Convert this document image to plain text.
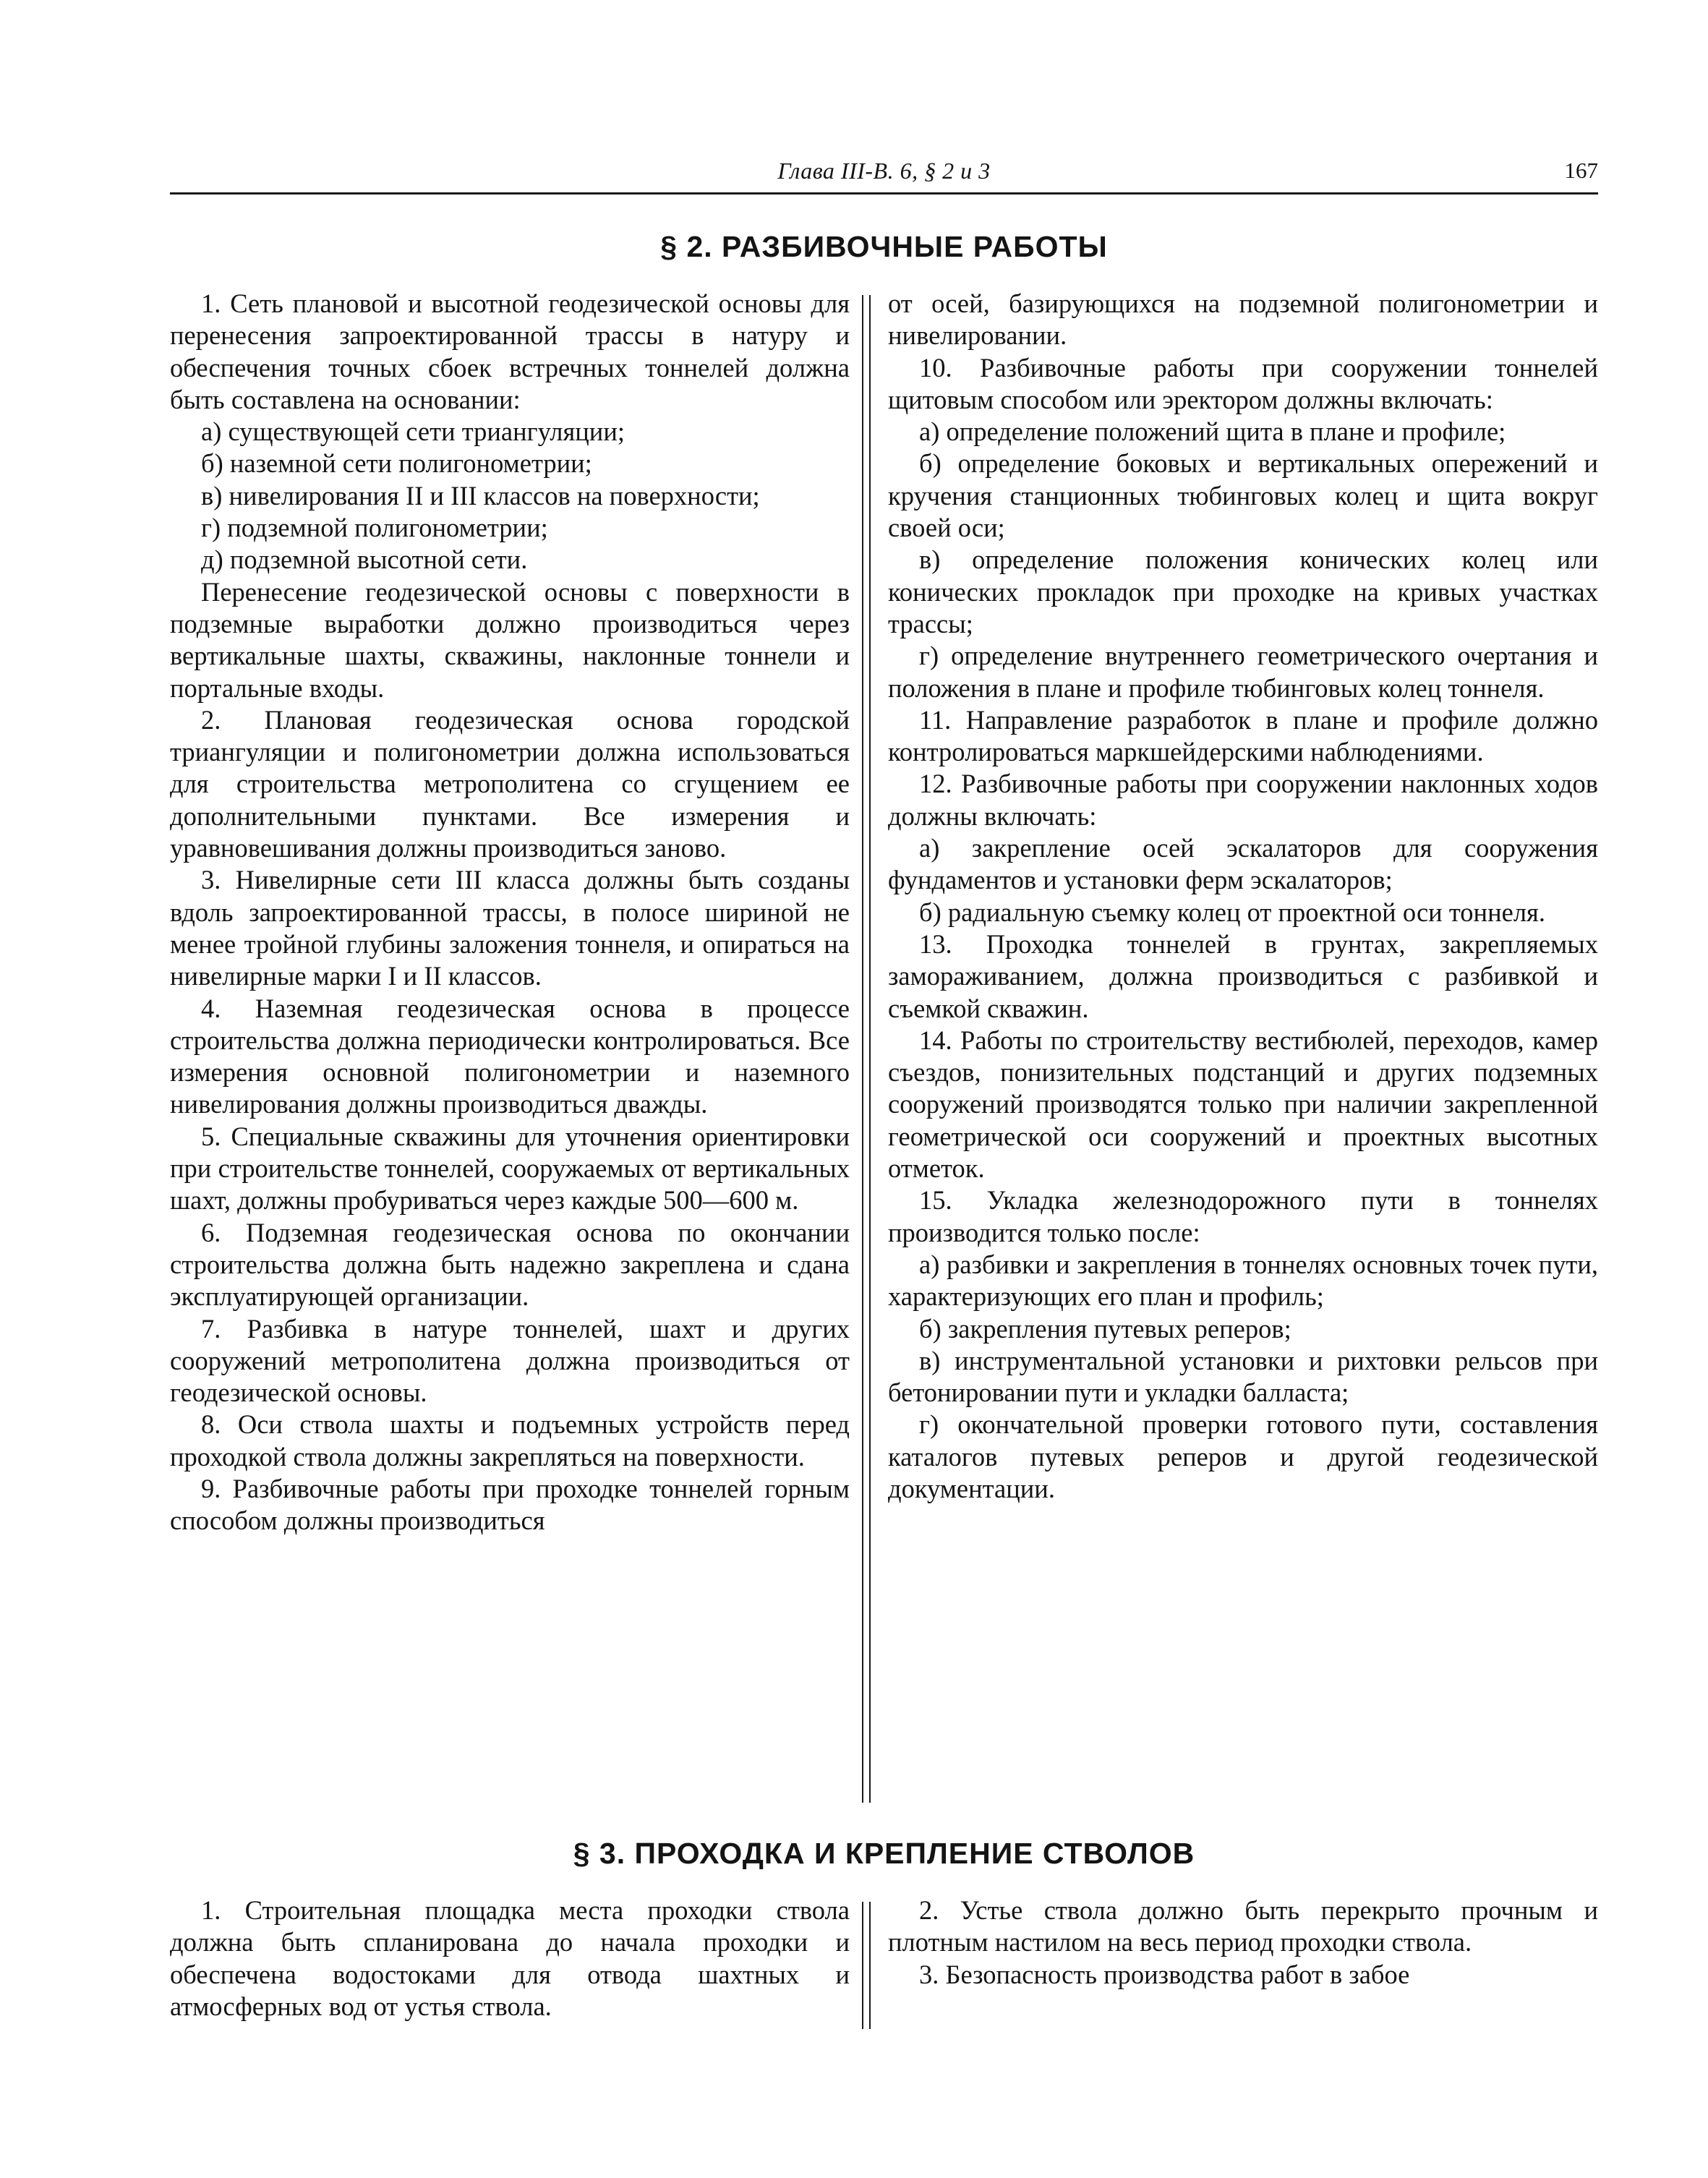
Глава III-В. 6, § 2 и 3	167
§ 2. РАЗБИВОЧНЫЕ РАБОТЫ

1. Сеть плановой и высотной геодезической основы для перенесения запроектированной трассы в натуру и обеспечения точных сбоек встречных тоннелей должна быть составлена на основании:

а) существующей сети триангуляции;

б) наземной сети полигонометрии;

в) нивелирования II и III классов на поверхности;

г) подземной полигонометрии;

д) подземной высотной сети.

Перенесение геодезической основы с поверхности в подземные выработки должно производиться через вертикальные шахты, скважины, наклонные тоннели и портальные входы.

2. Плановая геодезическая основа городской триангуляции и полигонометрии должна использоваться для строительства метрополитена со сгущением ее дополнительными пунктами. Все измерения и уравновешивания должны производиться заново.

3. Нивелирные сети III класса должны быть созданы вдоль запроектированной трассы, в полосе шириной не менее тройной глубины заложения тоннеля, и опираться на нивелирные марки I и II классов.

4. Наземная геодезическая основа в процессе строительства должна периодически контролироваться. Все измерения основной полигонометрии и наземного нивелирования должны производиться дважды.

5. Специальные скважины для уточнения ориентировки при строительстве тоннелей, сооружаемых от вертикальных шахт, должны пробуриваться через каждые 500—600 м.

6. Подземная геодезическая основа по окончании строительства должна быть надежно закреплена и сдана эксплуатирующей организации.

7. Разбивка в натуре тоннелей, шахт и других сооружений метрополитена должна производиться от геодезической основы.

8. Оси ствола шахты и подъемных устройств перед проходкой ствола должны закрепляться на поверхности.

9. Разбивочные работы при проходке тоннелей горным способом должны производиться

от осей, базирующихся на подземной полигонометрии и нивелировании.

10. Разбивочные работы при сооружении тоннелей щитовым способом или эректором должны включать:

а) определение положений щита в плане и профиле;

б) определение боковых и вертикальных опережений и кручения станционных тюбинговых колец и щита вокруг своей оси;

в) определение положения конических колец или конических прокладок при проходке на кривых участках трассы;

г) определение внутреннего геометрического очертания и положения в плане и профиле тюбинговых колец тоннеля.

11. Направление разработок в плане и профиле должно контролироваться маркшейдерскими наблюдениями.

12. Разбивочные работы при сооружении наклонных ходов должны включать:

а) закрепление осей эскалаторов для сооружения фундаментов и установки ферм эскалаторов;

б) радиальную съемку колец от проектной оси тоннеля.

13. Проходка тоннелей в грунтах, закрепляемых замораживанием, должна производиться с разбивкой и съемкой скважин.

14. Работы по строительству вестибюлей, переходов, камер съездов, понизительных подстанций и других подземных сооружений производятся только при наличии закрепленной геометрической оси сооружений и проектных высотных отметок.

15. Укладка железнодорожного пути в тоннелях производится только после:

а) разбивки и закрепления в тоннелях основных точек пути, характеризующих его план и профиль;

б) закрепления путевых реперов;

в) инструментальной установки и рихтовки рельсов при бетонировании пути и укладки балласта;

г) окончательной проверки готового пути, составления каталогов путевых реперов и другой геодезической документации.

§ 3. ПРОХОДКА И КРЕПЛЕНИЕ СТВОЛОВ

1. Строительная площадка места проходки ствола должна быть спланирована до начала проходки и обеспечена водостоками для отвода шахтных и атмосферных вод от устья ствола.

2. Устье ствола должно быть перекрыто прочным и плотным настилом на весь период проходки ствола.

3. Безопасность производства работ в забое
